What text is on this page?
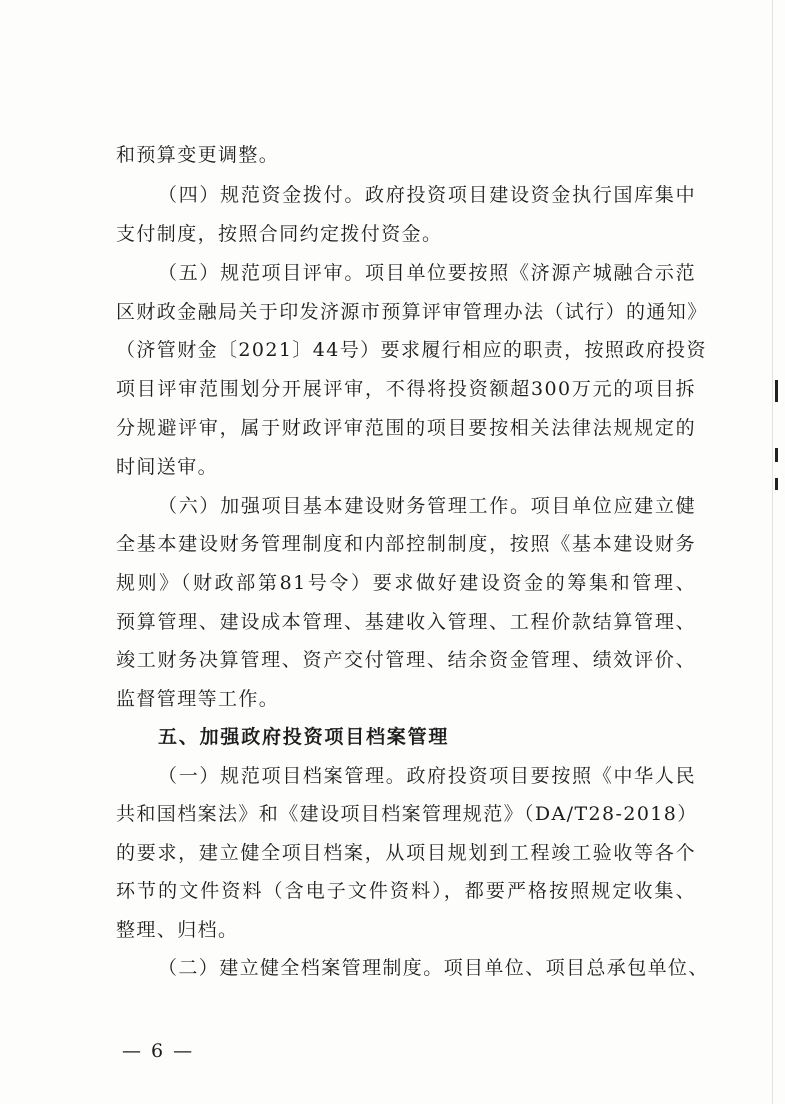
和预算变更调整。
（四）规范资金拨付。政府投资项目建设资金执行国库集中
支付制度，按照合同约定拨付资金。
（五）规范项目评审。项目单位要按照《济源产城融合示范
区财政金融局关于印发济源市预算评审管理办法（试行）的通知》
（济管财金〔2021〕44号）要求履行相应的职责，按照政府投资
项目评审范围划分开展评审，不得将投资额超300万元的项目拆
分规避评审，属于财政评审范围的项目要按相关法律法规规定的
时间送审。
（六）加强项目基本建设财务管理工作。项目单位应建立健
全基本建设财务管理制度和内部控制制度，按照《基本建设财务
规则》（财政部第81号令）要求做好建设资金的筹集和管理、
预算管理、建设成本管理、基建收入管理、工程价款结算管理、
竣工财务决算管理、资产交付管理、结余资金管理、绩效评价、
监督管理等工作。
五、加强政府投资项目档案管理
（一）规范项目档案管理。政府投资项目要按照《中华人民
共和国档案法》和《建设项目档案管理规范》（DA/T28-2018）
的要求，建立健全项目档案，从项目规划到工程竣工验收等各个
环节的文件资料（含电子文件资料），都要严格按照规定收集、
整理、归档。
（二）建立健全档案管理制度。项目单位、项目总承包单位、
— 6 —
